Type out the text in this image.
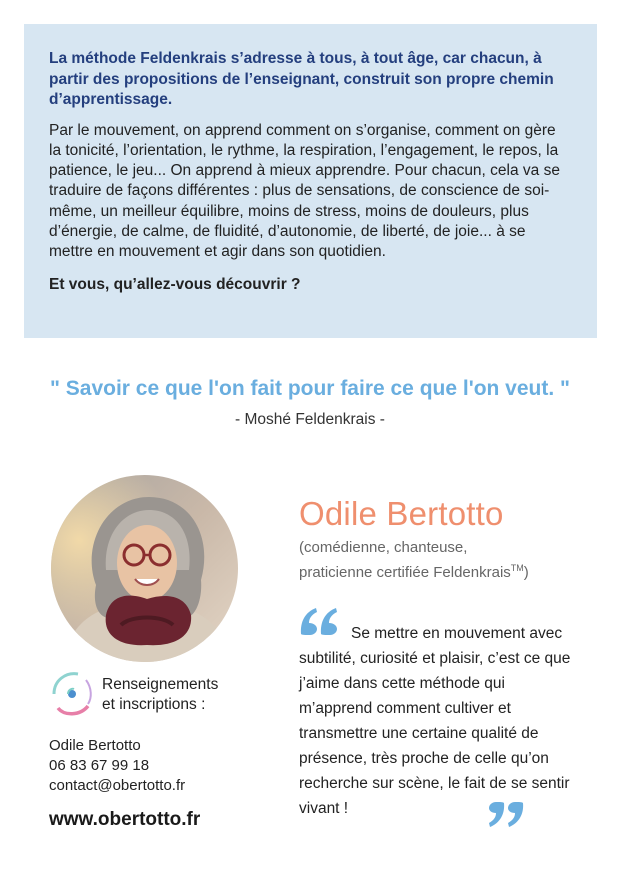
La méthode Feldenkrais s’adresse à tous, à tout âge, car chacun, à partir des propositions de l’enseignant, construit son propre chemin d’apprentissage.

Par le mouvement, on apprend comment on s’organise, comment on gère la tonicité, l’orientation, le rythme, la respiration, l’engagement, le repos, la patience, le jeu... On apprend à mieux apprendre. Pour chacun, cela va se traduire de façons différentes : plus de sensations, de conscience de soi-même, un meilleur équilibre, moins de stress, moins de douleurs, plus d’énergie, de calme, de fluidité, d’autonomie, de liberté, de joie... à se mettre en mouvement et agir dans son quotidien.

Et vous, qu’allez-vous découvrir ?

" Savoir ce que l'on fait pour faire ce que l'on veut. "

- Moshé Feldenkrais -

Odile Bertotto

(comédienne, chanteuse,
praticienne certifiée Feldenkrais™)

Se mettre en mouvement avec subtilité, curiosité et plaisir, c’est ce que j’aime dans cette méthode qui m’apprend comment cultiver et transmettre une certaine qualité de présence, très proche de celle qu’on recherche sur scène, le fait de se sentir vivant !

Renseignements
et inscriptions :

Odile Bertotto
06 83 67 99 18
contact@obertotto.fr

www.obertotto.fr
